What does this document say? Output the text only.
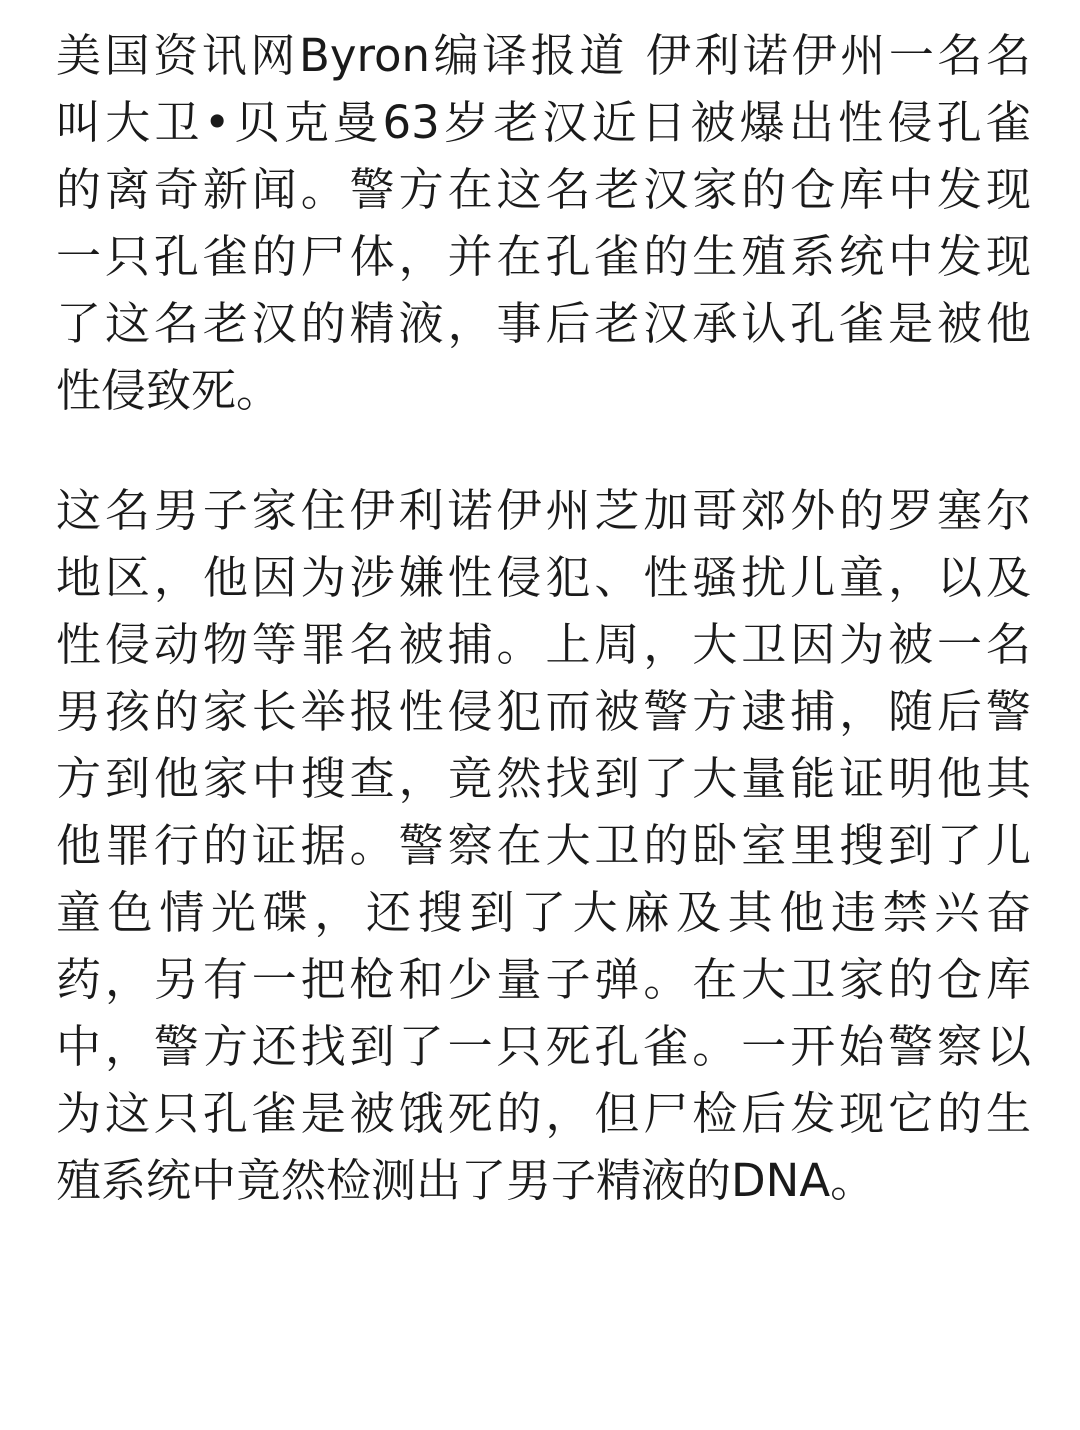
美国资讯网Byron编译报道 伊利诺伊州一名名
叫大卫•贝克曼63岁老汉近日被爆出性侵孔雀
的离奇新闻。警方在这名老汉家的仓库中发现
一只孔雀的尸体，并在孔雀的生殖系统中发现
了这名老汉的精液，事后老汉承认孔雀是被他
性侵致死。

这名男子家住伊利诺伊州芝加哥郊外的罗塞尔
地区，他因为涉嫌性侵犯、性骚扰儿童，以及
性侵动物等罪名被捕。上周，大卫因为被一名
男孩的家长举报性侵犯而被警方逮捕，随后警
方到他家中搜查，竟然找到了大量能证明他其
他罪行的证据。警察在大卫的卧室里搜到了儿
童色情光碟，还搜到了大麻及其他违禁兴奋
药，另有一把枪和少量子弹。在大卫家的仓库
中，警方还找到了一只死孔雀。一开始警察以
为这只孔雀是被饿死的，但尸检后发现它的生
殖系统中竟然检测出了男子精液的DNA。
